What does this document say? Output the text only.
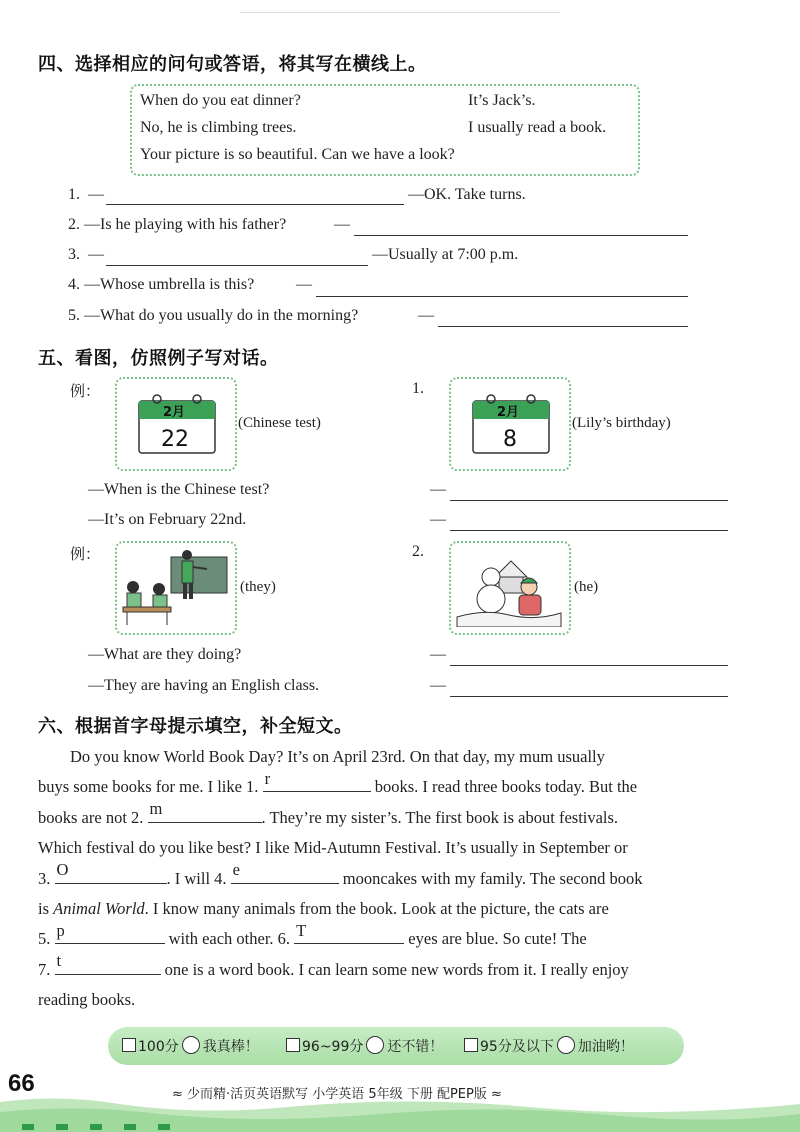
四、选择相应的问句或答语，将其写在横线上。
When do you eat dinner?	It’s Jack’s.
No, he is climbing trees.	I usually read a book.
Your picture is so beautiful. Can we have a look?
1. —	—OK. Take turns.
2. —Is he playing with his father?	—
3. —	—Usually at 7:00 p.m.
4. —Whose umbrella is this?	—
5. —What do you usually do in the morning?	—
五、看图，仿照例子写对话。
例：
2月
22
(Chinese test)
1.
2月
8
(Lily’s birthday)
—When is the Chinese test?
—It’s on February 22nd.
—
—
例：
(they)
2.
(he)
—What are they doing?
—They are having an English class.
—
—
六、根据首字母提示填空，补全短文。
Do you know World Book Day? It’s on April 23rd. On that day, my mum usually
buys some books for me. I like 1. r	books. I read three books today. But the
books are not 2. m	. They’re my sister’s. The first book is about festivals.
Which festival do you like best? I like Mid-Autumn Festival. It’s usually in September or
3. O	. I will 4. e	mooncakes with my family. The second book
is Animal World. I know many animals from the book. Look at the picture, the cats are
5. p	with each other. 6. T	eyes are blue. So cute! The
7. t	one is a word book. I can learn some new words from it. I really enjoy
reading books.
100分 我真棒！	96~99分 还不错！	95分及以下 加油哟！
66	≈ 少而精·活页英语默写 小学英语 5年级 下册 配PEP版 ≈
